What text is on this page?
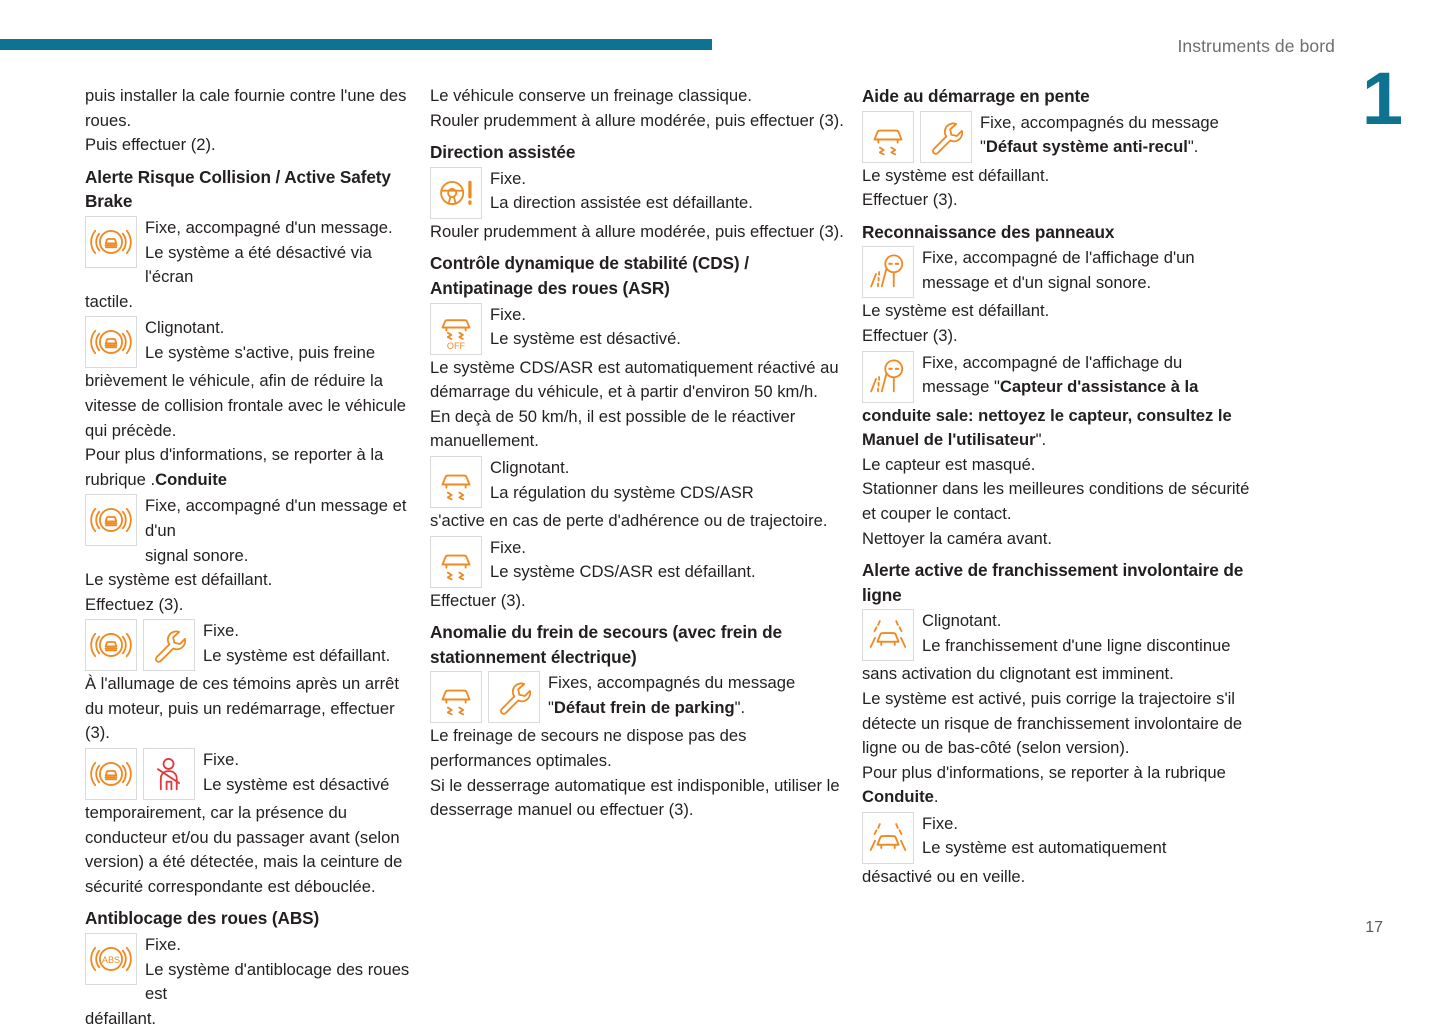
Instruments de bord
1

puis installer la cale fournie contre l'une des roues.

Puis effectuer (2).

Alerte Risque Collision / Active Safety Brake

Fixe, accompagné d'un message.

Le système a été désactivé via l'écran

tactile.

Clignotant.

Le système s'active, puis freine

brièvement le véhicule, afin de réduire la vitesse de collision frontale avec le véhicule qui précède.

Pour plus d'informations, se reporter à la rubrique .Conduite

Fixe, accompagné d'un message et d'un

signal sonore.

Le système est défaillant.

Effectuez (3).

Fixe.

Le système est défaillant.

À l'allumage de ces témoins après un arrêt du moteur, puis un redémarrage, effectuer (3).

Fixe.

Le système est désactivé

temporairement, car la présence du conducteur et/ou du passager avant (selon version) a été détectée, mais la ceinture de sécurité correspondante est débouclée.

Antiblocage des roues (ABS)
ABS

Fixe.

Le système d'antiblocage des roues est

défaillant.

Le véhicule conserve un freinage classique.

Rouler prudemment à allure modérée, puis effectuer (3).

Direction assistée

Fixe.

La direction assistée est défaillante.

Rouler prudemment à allure modérée, puis effectuer (3).

Contrôle dynamique de stabilité (CDS) / Antipatinage des roues (ASR)
OFF

Fixe.

Le système est désactivé.

Le système CDS/ASR est automatiquement réactivé au démarrage du véhicule, et à partir d'environ 50 km/h.

En deçà de 50 km/h, il est possible de le réactiver manuellement.

Clignotant.

La régulation du système CDS/ASR

s'active en cas de perte d'adhérence ou de trajectoire.

Fixe.

Le système CDS/ASR est défaillant.

Effectuer (3).

Anomalie du frein de secours (avec frein de stationnement électrique)

Fixes, accompagnés du message

"Défaut frein de parking".

Le freinage de secours ne dispose pas des performances optimales.

Si le desserrage automatique est indisponible, utiliser le desserrage manuel ou effectuer (3).

Aide au démarrage en pente

Fixe, accompagnés du message

"Défaut système anti-recul".

Le système est défaillant.

Effectuer (3).

Reconnaissance des panneaux

Fixe, accompagné de l'affichage d'un

message et d'un signal sonore.

Le système est défaillant.

Effectuer (3).

Fixe, accompagné de l'affichage du

message "Capteur d'assistance à la

conduite sale: nettoyez le capteur, consultez le Manuel de l'utilisateur".

Le capteur est masqué.

Stationner dans les meilleures conditions de sécurité et couper le contact.

Nettoyer la caméra avant.

Alerte active de franchissement involontaire de ligne

Clignotant.

Le franchissement d'une ligne discontinue

sans activation du clignotant est imminent.

Le système est activé, puis corrige la trajectoire s'il détecte un risque de franchissement involontaire de ligne ou de bas-côté (selon version).

Pour plus d'informations, se reporter à la rubrique Conduite.

Fixe.

Le système est automatiquement

désactivé ou en veille.

17
